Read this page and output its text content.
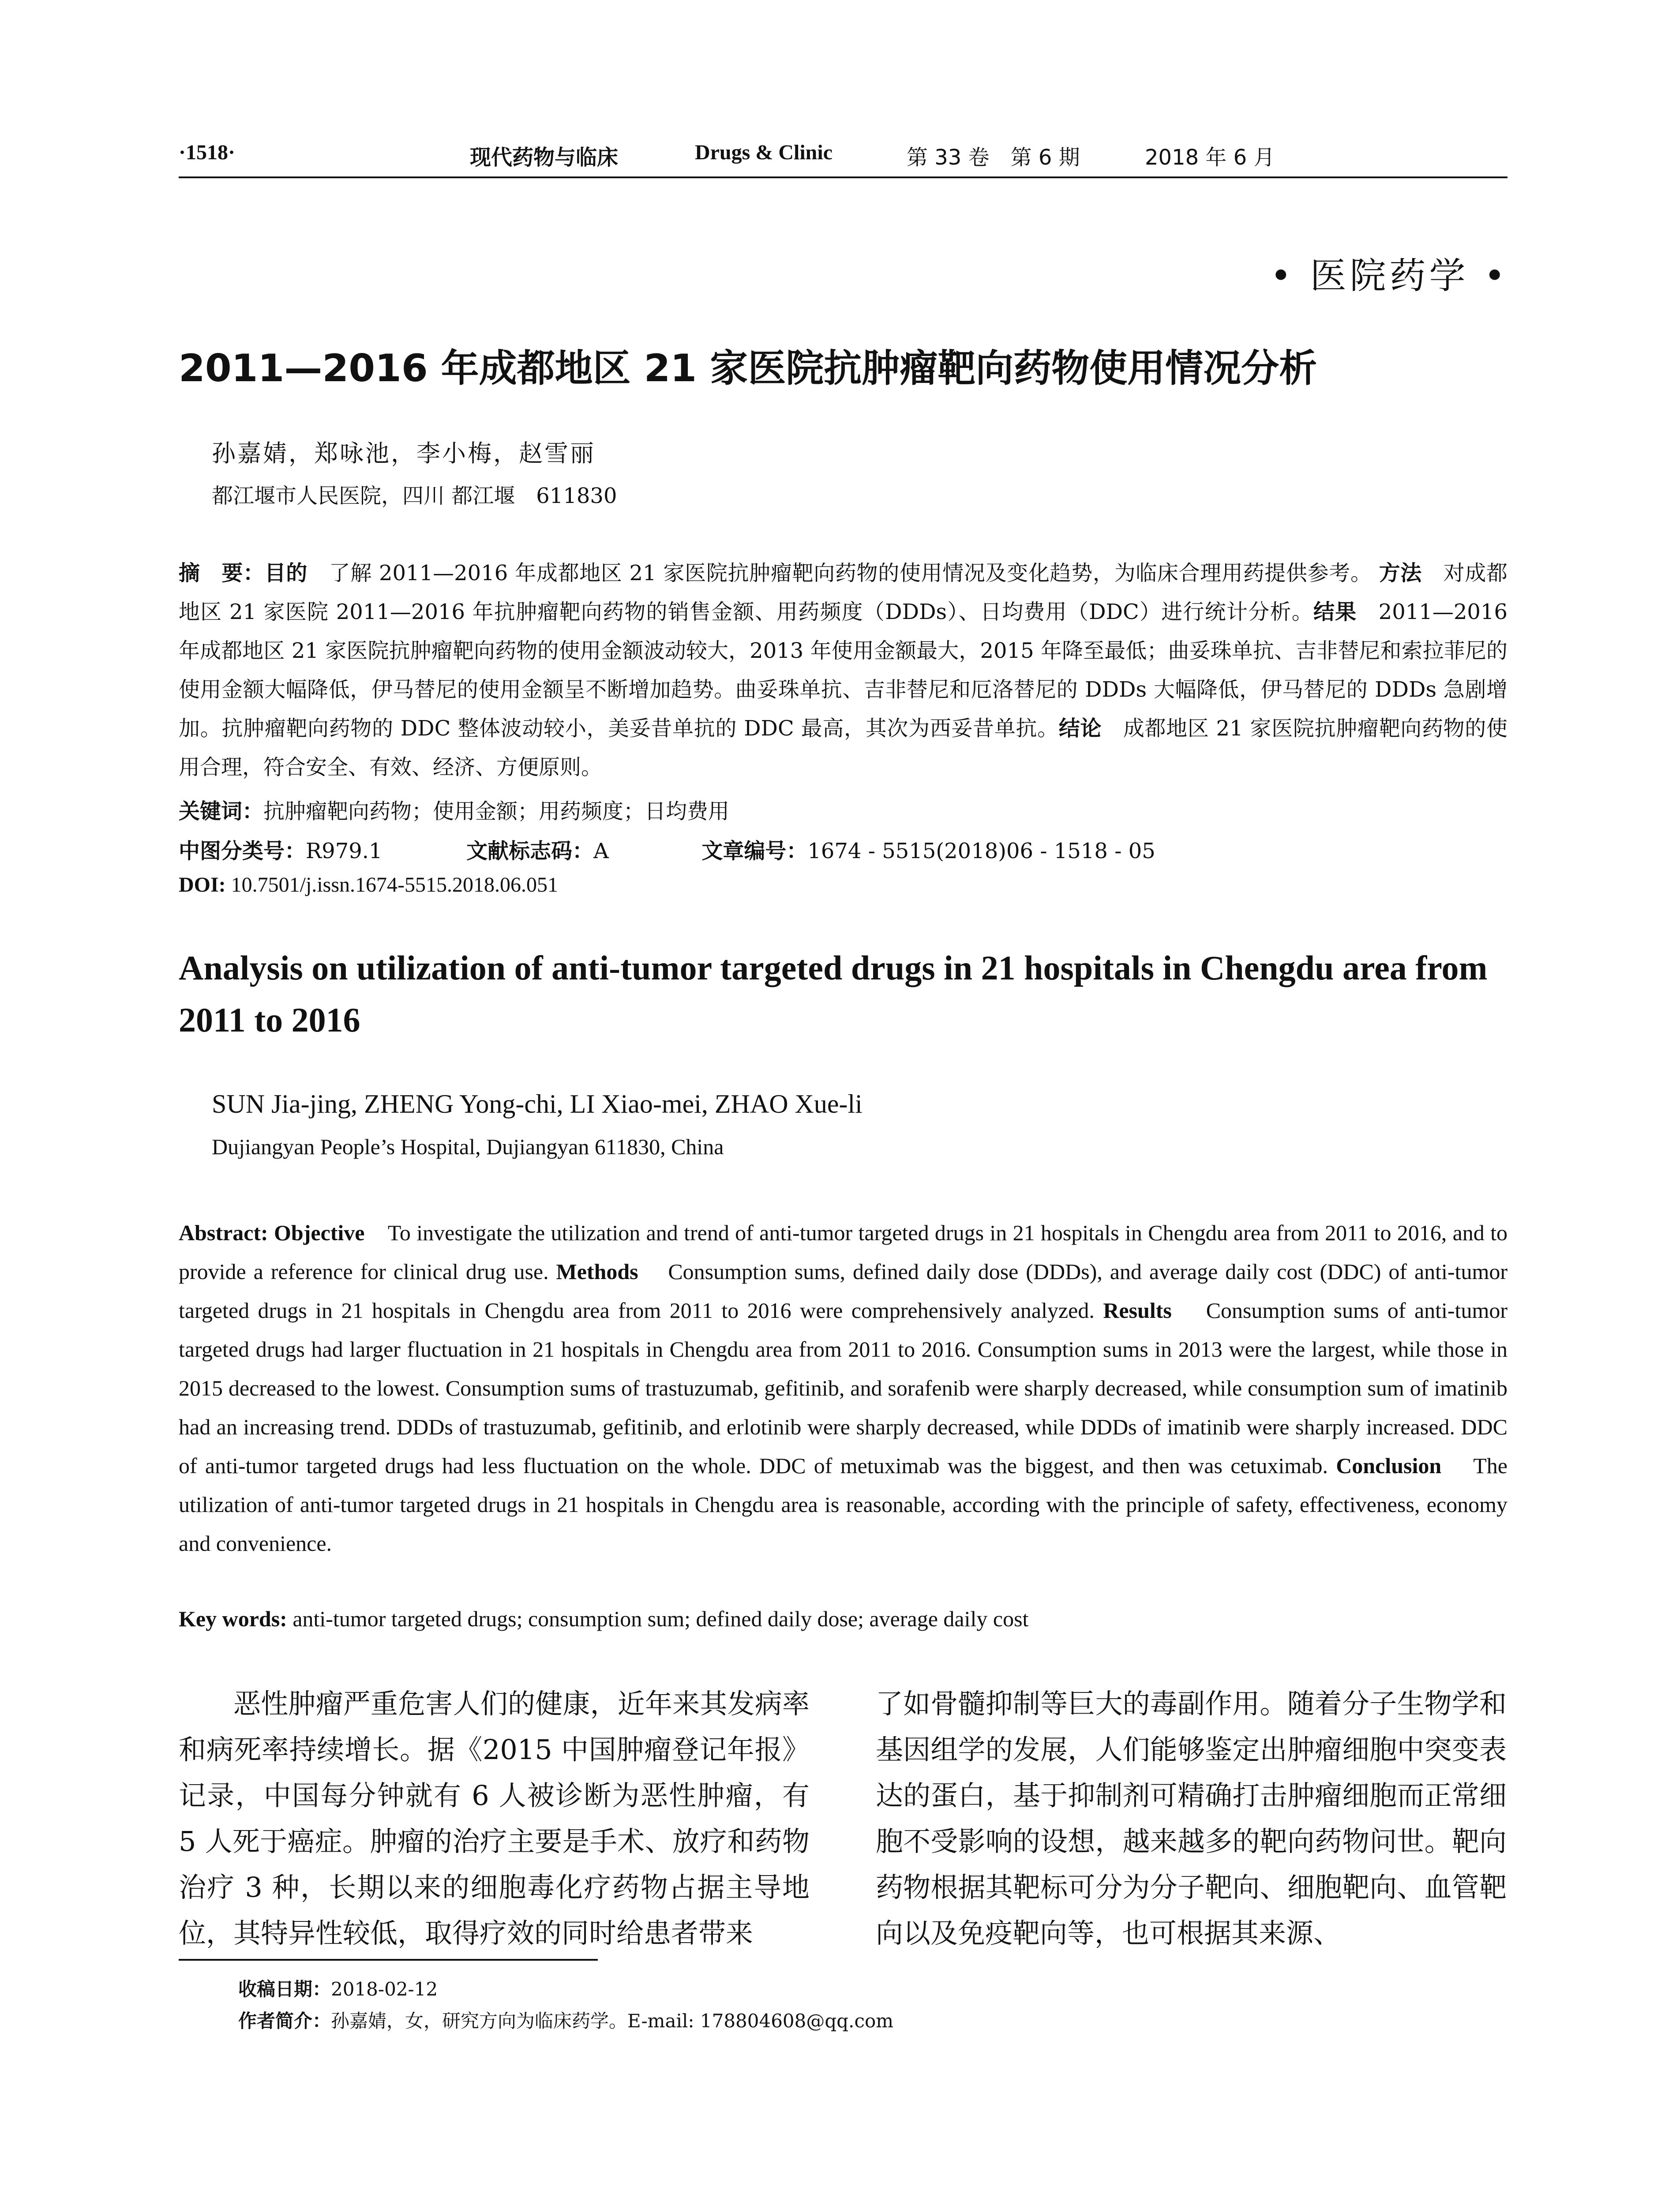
·1518·	现代药物与临床	Drugs & Clinic	第 33 卷　第 6 期	2018 年 6 月
• 医院药学 •
2011—2016 年成都地区 21 家医院抗肿瘤靶向药物使用情况分析
孙嘉婧，郑咏池，李小梅，赵雪丽
都江堰市人民医院，四川 都江堰　611830
摘　要：目的　 了解 2011—2016 年成都地区 21 家医院抗肿瘤靶向药物的使用情况及变化趋势，为临床合理用药提供参考。 方法　 对成都地区 21 家医院 2011—2016 年抗肿瘤靶向药物的销售金额、用药频度（DDDs）、日均费用（DDC）进行统计分析。结果　 2011—2016 年成都地区 21 家医院抗肿瘤靶向药物的使用金额波动较大，2013 年使用金额最大，2015 年降至最低；曲妥珠单抗、吉非替尼和索拉菲尼的使用金额大幅降低，伊马替尼的使用金额呈不断增加趋势。曲妥珠单抗、吉非替尼和厄洛替尼的 DDDs 大幅降低，伊马替尼的 DDDs 急剧增加。抗肿瘤靶向药物的 DDC 整体波动较小，美妥昔单抗的 DDC 最高，其次为西妥昔单抗。结论　 成都地区 21 家医院抗肿瘤靶向药物的使用合理，符合安全、有效、经济、方便原则。
关键词：抗肿瘤靶向药物；使用金额；用药频度；日均费用
中图分类号：R979.1	文献标志码：A	文章编号：1674 - 5515(2018)06 - 1518 - 05
DOI: 10.7501/j.issn.1674-5515.2018.06.051
Analysis on utilization of anti-tumor targeted drugs in 21 hospitals in Chengdu area from 2011 to 2016
SUN Jia-jing, ZHENG Yong-chi, LI Xiao-mei, ZHAO Xue-li
Dujiangyan People’s Hospital, Dujiangyan 611830, China
Abstract: Objective To investigate the utilization and trend of anti-tumor targeted drugs in 21 hospitals in Chengdu area from 2011 to 2016, and to provide a reference for clinical drug use. Methods Consumption sums, defined daily dose (DDDs), and average daily cost (DDC) of anti-tumor targeted drugs in 21 hospitals in Chengdu area from 2011 to 2016 were comprehensively analyzed. Results Consumption sums of anti-tumor targeted drugs had larger fluctuation in 21 hospitals in Chengdu area from 2011 to 2016. Consumption sums in 2013 were the largest, while those in 2015 decreased to the lowest. Consumption sums of trastuzumab, gefitinib, and sorafenib were sharply decreased, while consumption sum of imatinib had an increasing trend. DDDs of trastuzumab, gefitinib, and erlotinib were sharply decreased, while DDDs of imatinib were sharply increased. DDC of anti-tumor targeted drugs had less fluctuation on the whole. DDC of metuximab was the biggest, and then was cetuximab. Conclusion The utilization of anti-tumor targeted drugs in 21 hospitals in Chengdu area is reasonable, according with the principle of safety, effectiveness, economy and convenience.
Key words: anti-tumor targeted drugs; consumption sum; defined daily dose; average daily cost
恶性肿瘤严重危害人们的健康，近年来其发病率和病死率持续增长。据《2015 中国肿瘤登记年报》记录，中国每分钟就有 6 人被诊断为恶性肿瘤，有 5 人死于癌症。肿瘤的治疗主要是手术、放疗和药物治疗 3 种，长期以来的细胞毒化疗药物占据主导地位，其特异性较低，取得疗效的同时给患者带来
了如骨髓抑制等巨大的毒副作用。随着分子生物学和基因组学的发展，人们能够鉴定出肿瘤细胞中突变表达的蛋白，基于抑制剂可精确打击肿瘤细胞而正常细胞不受影响的设想，越来越多的靶向药物问世。靶向药物根据其靶标可分为分子靶向、细胞靶向、血管靶向以及免疫靶向等，也可根据其来源、
收稿日期：2018-02-12
作者简介：孙嘉婧，女，研究方向为临床药学。E-mail: 178804608@qq.com
